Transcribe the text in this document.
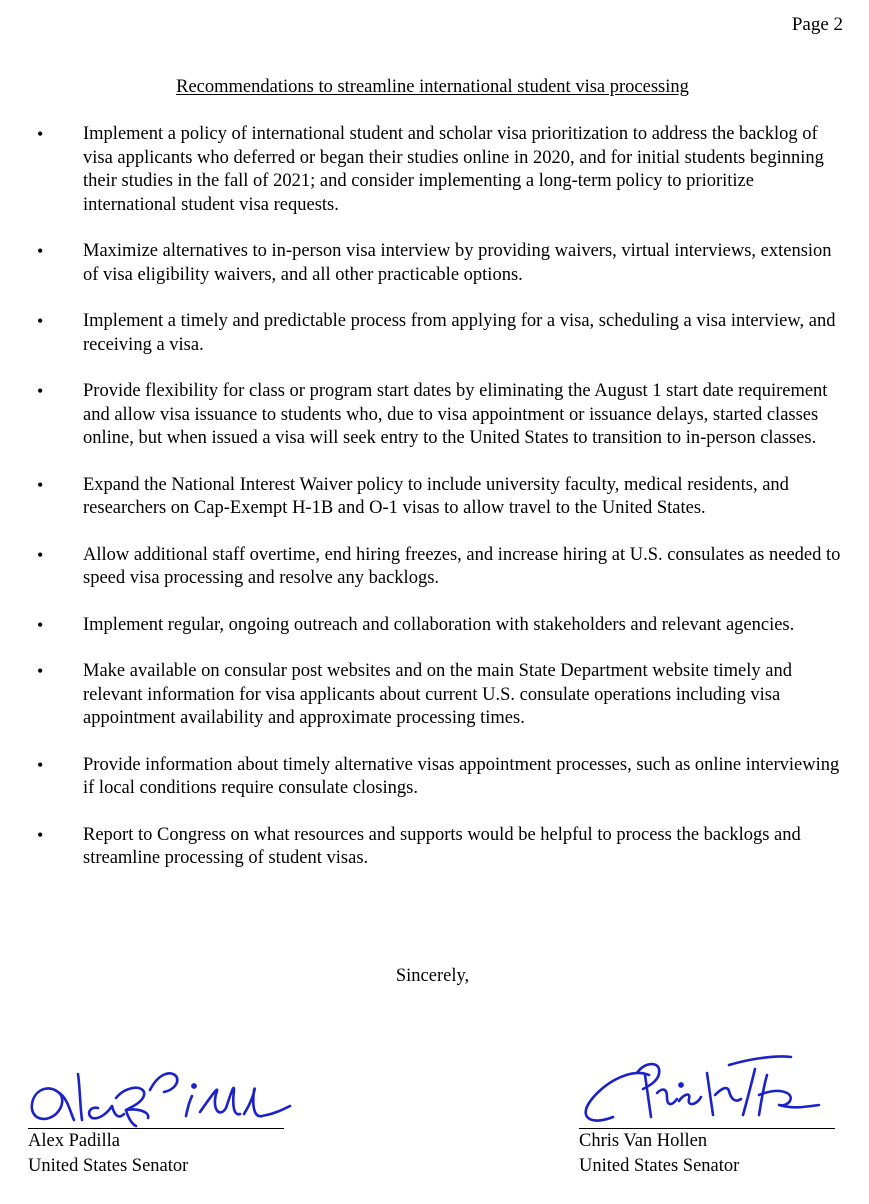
Page 2
Recommendations to streamline international student visa processing
• Implement a policy of international student and scholar visa prioritization to address the backlog of visa applicants who deferred or began their studies online in 2020, and for initial students beginning their studies in the fall of 2021; and consider implementing a long-term policy to prioritize international student visa requests.
• Maximize alternatives to in-person visa interview by providing waivers, virtual interviews, extension of visa eligibility waivers, and all other practicable options.
• Implement a timely and predictable process from applying for a visa, scheduling a visa interview, and receiving a visa.
• Provide flexibility for class or program start dates by eliminating the August 1 start date requirement and allow visa issuance to students who, due to visa appointment or issuance delays, started classes online, but when issued a visa will seek entry to the United States to transition to in-person classes.
• Expand the National Interest Waiver policy to include university faculty, medical residents, and researchers on Cap-Exempt H-1B and O-1 visas to allow travel to the United States.
• Allow additional staff overtime, end hiring freezes, and increase hiring at U.S. consulates as needed to speed visa processing and resolve any backlogs.
• Implement regular, ongoing outreach and collaboration with stakeholders and relevant agencies.
• Make available on consular post websites and on the main State Department website timely and relevant information for visa applicants about current U.S. consulate operations including visa appointment availability and approximate processing times.
• Provide information about timely alternative visas appointment processes, such as online interviewing if local conditions require consulate closings.
• Report to Congress on what resources and supports would be helpful to process the backlogs and streamline processing of student visas.
Sincerely,
Alex Padilla
United States Senator
Chris Van Hollen
United States Senator
